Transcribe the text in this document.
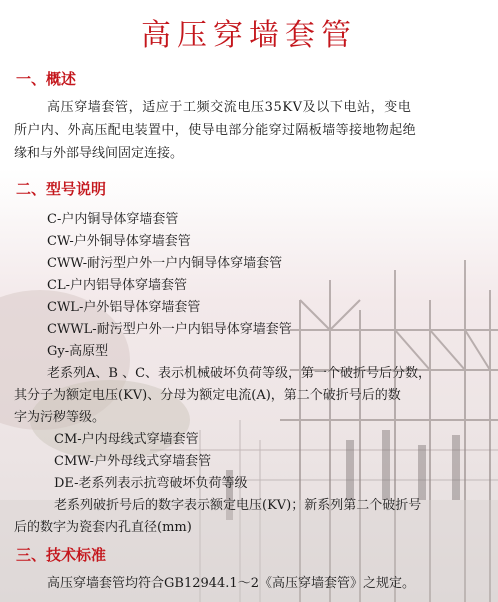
高压穿墙套管
一、概述
高压穿墙套管，适应于工频交流电压35KV及以下电站，变电
所户内、外高压配电装置中，使导电部分能穿过隔板墙等接地物起绝
缘和与外部导线间固定连接。
二、型号说明
C-户内铜导体穿墙套管
CW-户外铜导体穿墙套管
CWW-耐污型户外一户内铜导体穿墙套管
CL-户内铝导体穿墙套管
CWL-户外铝导体穿墙套管
CWWL-耐污型户外一户内铝导体穿墙套管
Gy-高原型
老系列A、B 、C、表示机械破坏负荷等级，第一个破折号后分数，
其分子为额定电压(KV)、分母为额定电流(A)，第二个破折号后的数
字为污秽等级。
CM-户内母线式穿墙套管
CMW-户外母线式穿墙套管
DE-老系列表示抗弯破坏负荷等级
老系列破折号后的数字表示额定电压(KV)；新系列第二个破折号
后的数字为瓷套内孔直径(mm)
三、技术标准
高压穿墙套管均符合GB12944.1～2《高压穿墙套管》之规定。
